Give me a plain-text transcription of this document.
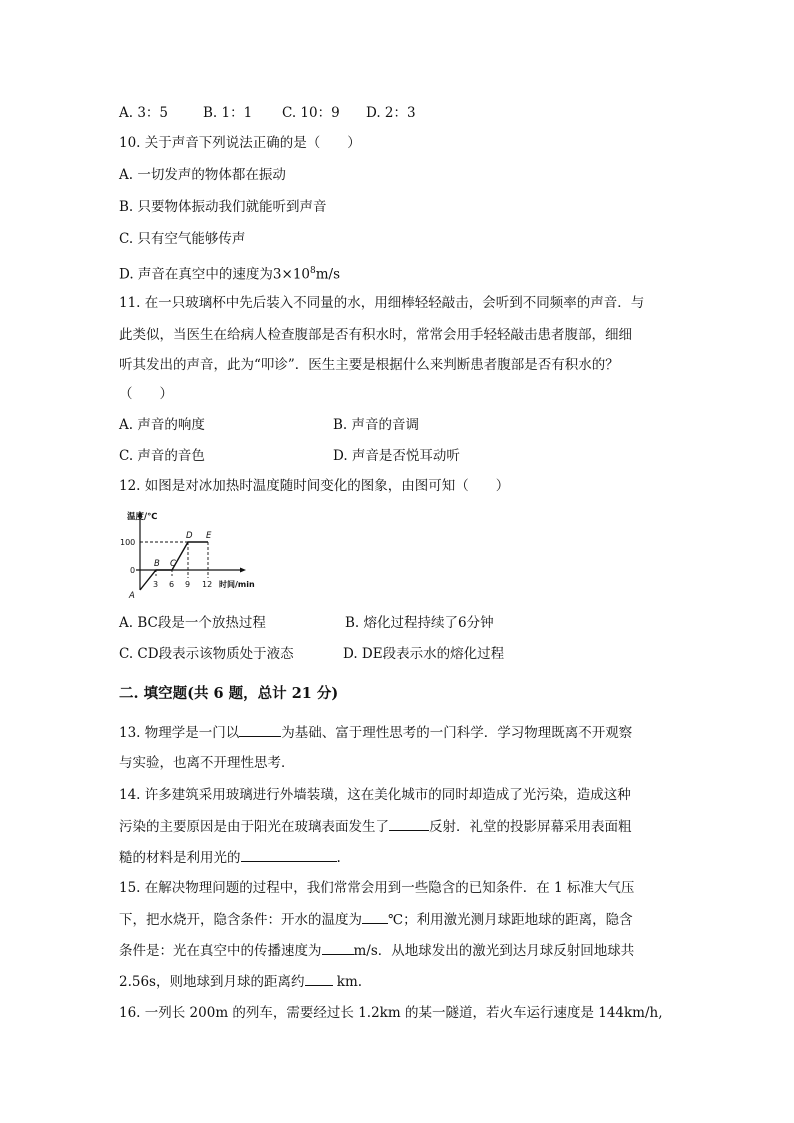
A. 3：5	B. 1：1 C. 10：9 D. 2：3
10. 关于声音下列说法正确的是（　　）
A. 一切发声的物体都在振动
B. 只要物体振动我们就能听到声音
C. 只有空气能够传声
D. 声音在真空中的速度为$3\times 10^8m/s$
11. 在一只玻璃杯中先后装入不同量的水，用细棒轻轻敲击，会听到不同频率的声音．与
此类似，当医生在给病人检查腹部是否有积水时，常常会用手轻轻敲击患者腹部，细细
听其发出的声音，此为“叩诊”．医生主要是根据什么来判断患者腹部是否有积水的？
（　　）
A. 声音的响度	B. 声音的音调
C. 声音的音色	D. 声音是否悦耳动听
12. 如图是对冰加热时温度随时间变化的图象，由图可知（　　）
温度/℃
100
0
3 6 9 12 时间/min
A
B C
D E
A. BC段是一个放热过程	B. 熔化过程持续了6分钟
C. CD段表示该物质处于液态	D. DE段表示水的熔化过程
二. 填空题(共 6 题，总计 21 分)
13. 物理学是一门以	为基础、富于理性思考的一门科学．学习物理既离不开观察
与实验，也离不开理性思考．
14. 许多建筑采用玻璃进行外墙装璜，这在美化城市的同时却造成了光污染，造成这种
污染的主要原因是由于阳光在玻璃表面发生了	反射．礼堂的投影屏幕采用表面粗
糙的材料是利用光的	.
15. 在解决物理问题的过程中，我们常常会用到一些隐含的已知条件．在 1 标准大气压
下，把水烧开，隐含条件：开水的温度为 ℃；利用激光测月球距地球的距离，隐含
条件是：光在真空中的传播速度为 m/s．从地球发出的激光到达月球反射回地球共
2.56s，则地球到月球的距离约 km.
16. 一列长 200m 的列车，需要经过长 1.2km 的某一隧道，若火车运行速度是 144km/h,
